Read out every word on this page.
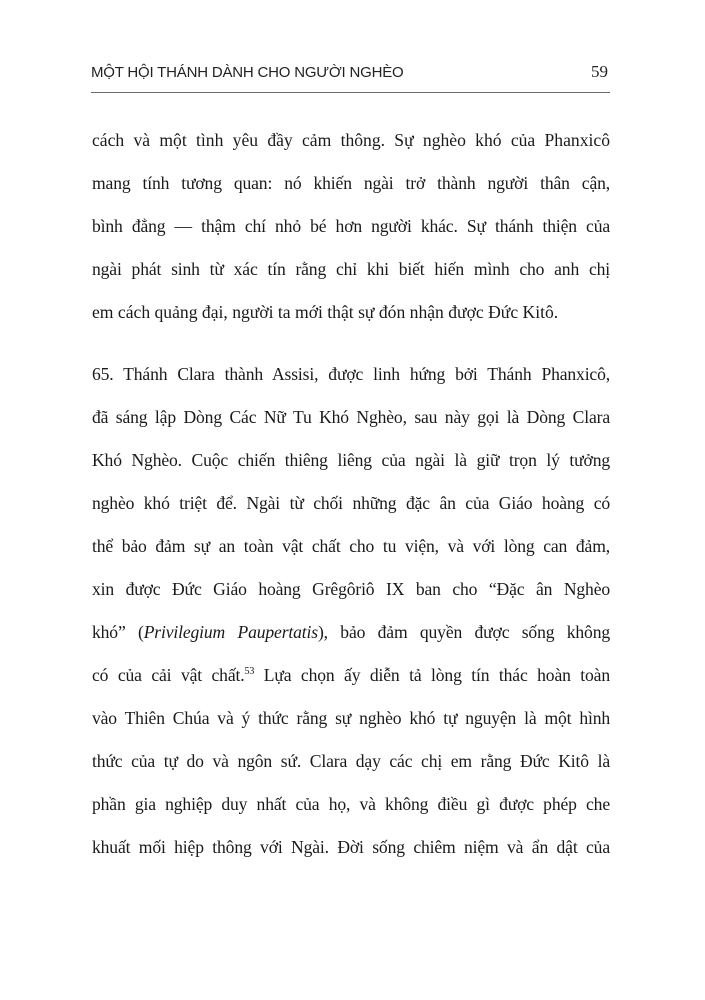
MỘT HỘI THÁNH DÀNH CHO NGƯỜI NGHÈO	59
cách và một tình yêu đầy cảm thông. Sự nghèo khó của Phanxicô
mang tính tương quan: nó khiến ngài trở thành người thân cận,
bình đẳng — thậm chí nhỏ bé hơn người khác. Sự thánh thiện của
ngài phát sinh từ xác tín rằng chỉ khi biết hiến mình cho anh chị
em cách quảng đại, người ta mới thật sự đón nhận được Đức Kitô.
65. Thánh Clara thành Assisi, được linh hứng bởi Thánh Phanxicô,
đã sáng lập Dòng Các Nữ Tu Khó Nghèo, sau này gọi là Dòng Clara
Khó Nghèo. Cuộc chiến thiêng liêng của ngài là giữ trọn lý tưởng
nghèo khó triệt để. Ngài từ chối những đặc ân của Giáo hoàng có
thể bảo đảm sự an toàn vật chất cho tu viện, và với lòng can đảm,
xin được Đức Giáo hoàng Grêgôriô IX ban cho “Đặc ân Nghèo
khó” (Privilegium Paupertatis), bảo đảm quyền được sống không
có của cải vật chất.$^{53}$ Lựa chọn ấy diễn tả lòng tín thác hoàn toàn
vào Thiên Chúa và ý thức rằng sự nghèo khó tự nguyện là một hình
thức của tự do và ngôn sứ. Clara dạy các chị em rằng Đức Kitô là
phần gia nghiệp duy nhất của họ, và không điều gì được phép che
khuất mối hiệp thông với Ngài. Đời sống chiêm niệm và ẩn dật của
